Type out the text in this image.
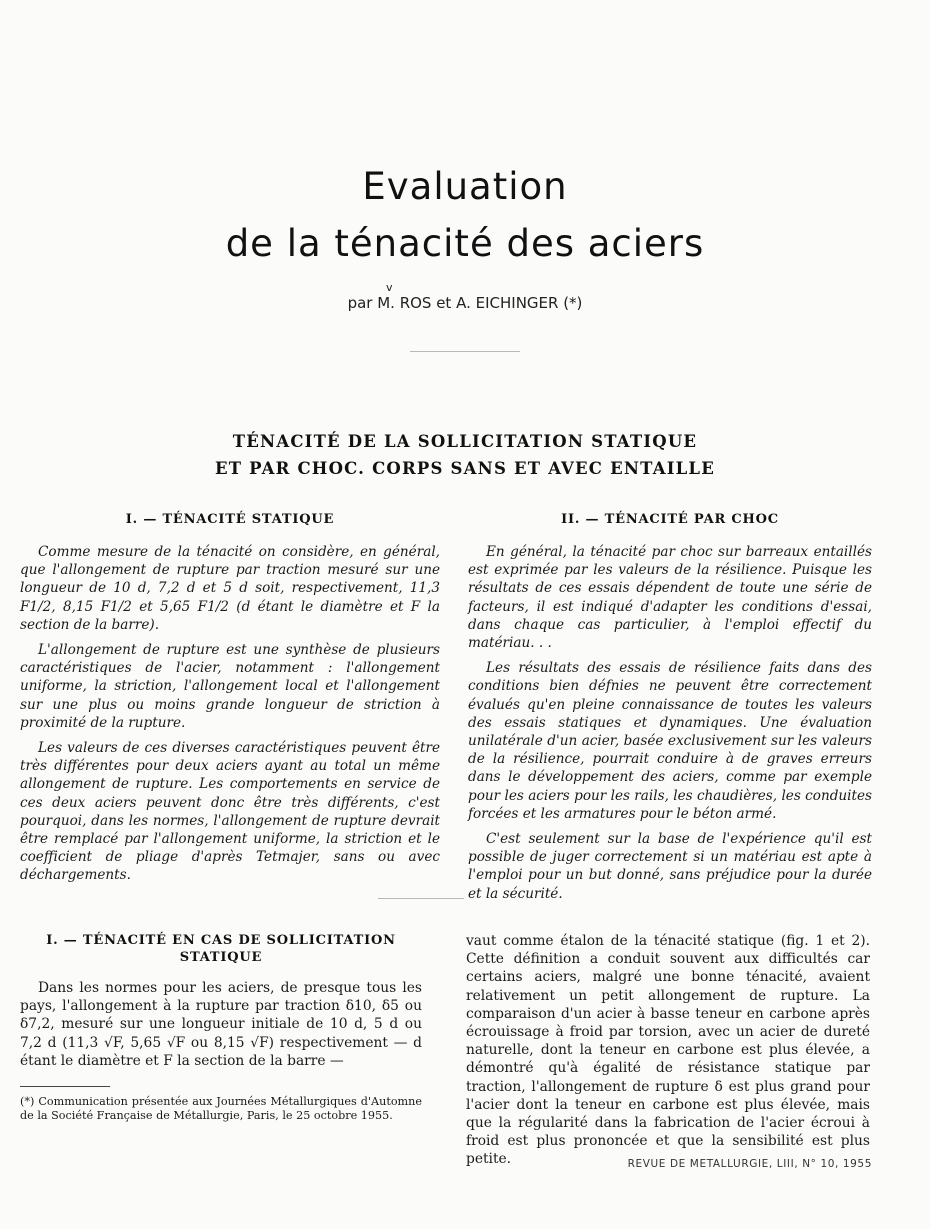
Evaluation
de la ténacité des aciers
v
par M. ROS et A. EICHINGER (*)
TÉNACITÉ DE LA SOLLICITATION STATIQUE
ET PAR CHOC. CORPS SANS ET AVEC ENTAILLE
I. — TÉNACITÉ STATIQUE

Comme mesure de la ténacité on considère, en général, que l'allongement de rupture par traction mesuré sur une longueur de 10 d, 7,2 d et 5 d soit, respectivement, 11,3 F1/2, 8,15 F1/2 et 5,65 F1/2 (d étant le diamètre et F la section de la barre).

L'allongement de rupture est une synthèse de plusieurs caractéristiques de l'acier, notamment : l'allongement uniforme, la striction, l'allongement local et l'allongement sur une plus ou moins grande longueur de striction à proximité de la rupture.

Les valeurs de ces diverses caractéristiques peuvent être très différentes pour deux aciers ayant au total un même allongement de rupture. Les comportements en service de ces deux aciers peuvent donc être très différents, c'est pourquoi, dans les normes, l'allongement de rupture devrait être remplacé par l'allongement uniforme, la striction et le coefficient de pliage d'après Tetmajer, sans ou avec déchargements.

II. — TÉNACITÉ PAR CHOC

En général, la ténacité par choc sur barreaux entaillés est exprimée par les valeurs de la résilience. Puisque les résultats de ces essais dépendent de toute une série de facteurs, il est indiqué d'adapter les conditions d'essai, dans chaque cas particulier, à l'emploi effectif du matériau. . .

Les résultats des essais de résilience faits dans des conditions bien défnies ne peuvent être correctement évalués qu'en pleine connaissance de toutes les valeurs des essais statiques et dynamiques. Une évaluation unilatérale d'un acier, basée exclusivement sur les valeurs de la résilience, pourrait conduire à de graves erreurs dans le développement des aciers, comme par exemple pour les aciers pour les rails, les chaudières, les conduites forcées et les armatures pour le béton armé.

C'est seulement sur la base de l'expérience qu'il est possible de juger correctement si un matériau est apte à l'emploi pour un but donné, sans préjudice pour la durée et la sécurité.

I. — TÉNACITÉ EN CAS DE SOLLICITATION
STATIQUE

Dans les normes pour les aciers, de presque tous les pays, l'allongement à la rupture par traction δ10, δ5 ou δ7,2, mesuré sur une longueur initiale de 10 d, 5 d ou 7,2 d (11,3 √F, 5,65 √F ou 8,15 √F) respectivement — d étant le diamètre et F la section de la barre —

(*) Communication présentée aux Journées Métallurgiques d'Automne de la Société Française de Métallurgie, Paris, le 25 octobre 1955.

vaut comme étalon de la ténacité statique (fig. 1 et 2). Cette définition a conduit souvent aux difficultés car certains aciers, malgré une bonne ténacité, avaient relativement un petit allongement de rupture. La comparaison d'un acier à basse teneur en carbone après écrouissage à froid par torsion, avec un acier de dureté naturelle, dont la teneur en carbone est plus élevée, a démontré qu'à égalité de résistance statique par traction, l'allongement de rupture δ est plus grand pour l'acier dont la teneur en carbone est plus élevée, mais que la régularité dans la fabrication de l'acier écroui à froid est plus prononcée et que la sensibilité est plus petite.	REVUE DE METALLURGIE, LIII, N° 10, 1955
